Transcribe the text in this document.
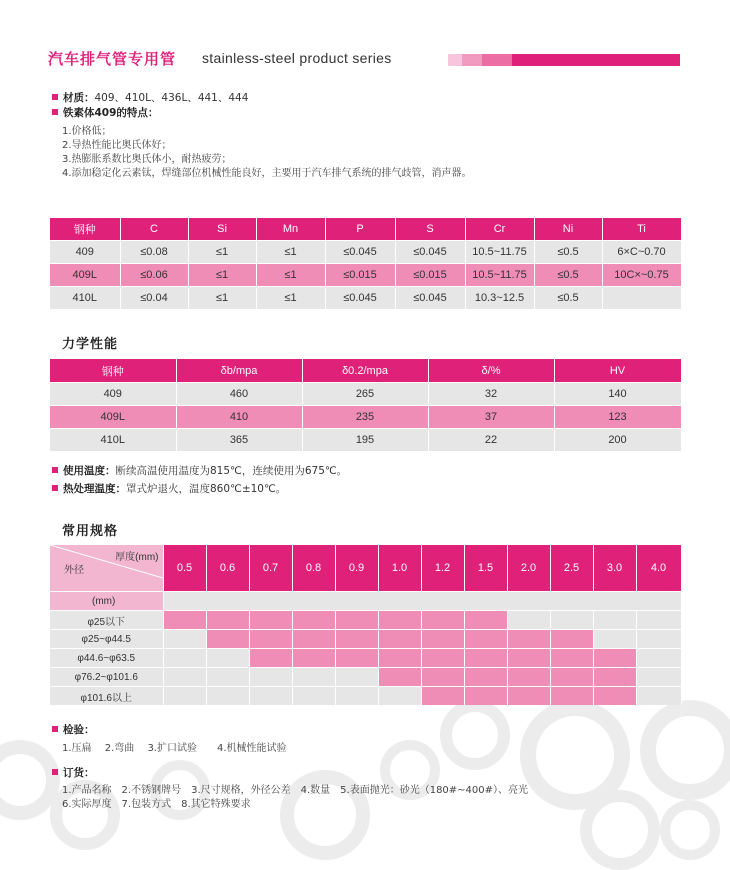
汽车排气管专用管 stainless-steel product series
材质：409、410L、436L、441、444
铁素体409的特点：
1.价格低；
2.导热性能比奥氏体好；
3.热膨胀系数比奥氏体小，耐热疲劳；
4.添加稳定化云素钛，焊缝部位机械性能良好，主要用于汽车排气系统的排气歧管，消声器。
钢种	C	Si	Mn	P	S	Cr	Ni	Ti
409	≤0.08	≤1	≤1	≤0.045	≤0.045	10.5~11.75	≤0.5	6×C~0.70
409L	≤0.06	≤1	≤1	≤0.015	≤0.015	10.5~11.75	≤0.5	10C×~0.75
410L	≤0.04	≤1	≤1	≤0.045	≤0.045	10.3~12.5	≤0.5	
力学性能
钢种	δb/mpa	δ0.2/mpa	δ/%	HV
409	460	265	32	140
409L	410	235	37	123
410L	365	195	22	200
使用温度：断续高温使用温度为815℃，连续使用为675℃。
热处理温度：罩式炉退火，温度860℃±10℃。
常用规格
厚度(mm)
外径	0.5	0.6	0.7	0.8	0.9	1.0	1.2	1.5	2.0	2.5	3.0	4.0
(mm)												
φ25以下												
φ25~φ44.5												
φ44.6~φ63.5												
φ76.2~φ101.6												
φ101.6以上												
检验：
1.压扁　 2.弯曲　 3.扩口试验　　4.机械性能试验
订货：
1.产品名称　2.不锈钢牌号　3.尺寸规格，外径公差　4.数量　5.表面抛光：砂光（180#~400#）、亮光
6.实际厚度　7.包装方式　8.其它特殊要求
